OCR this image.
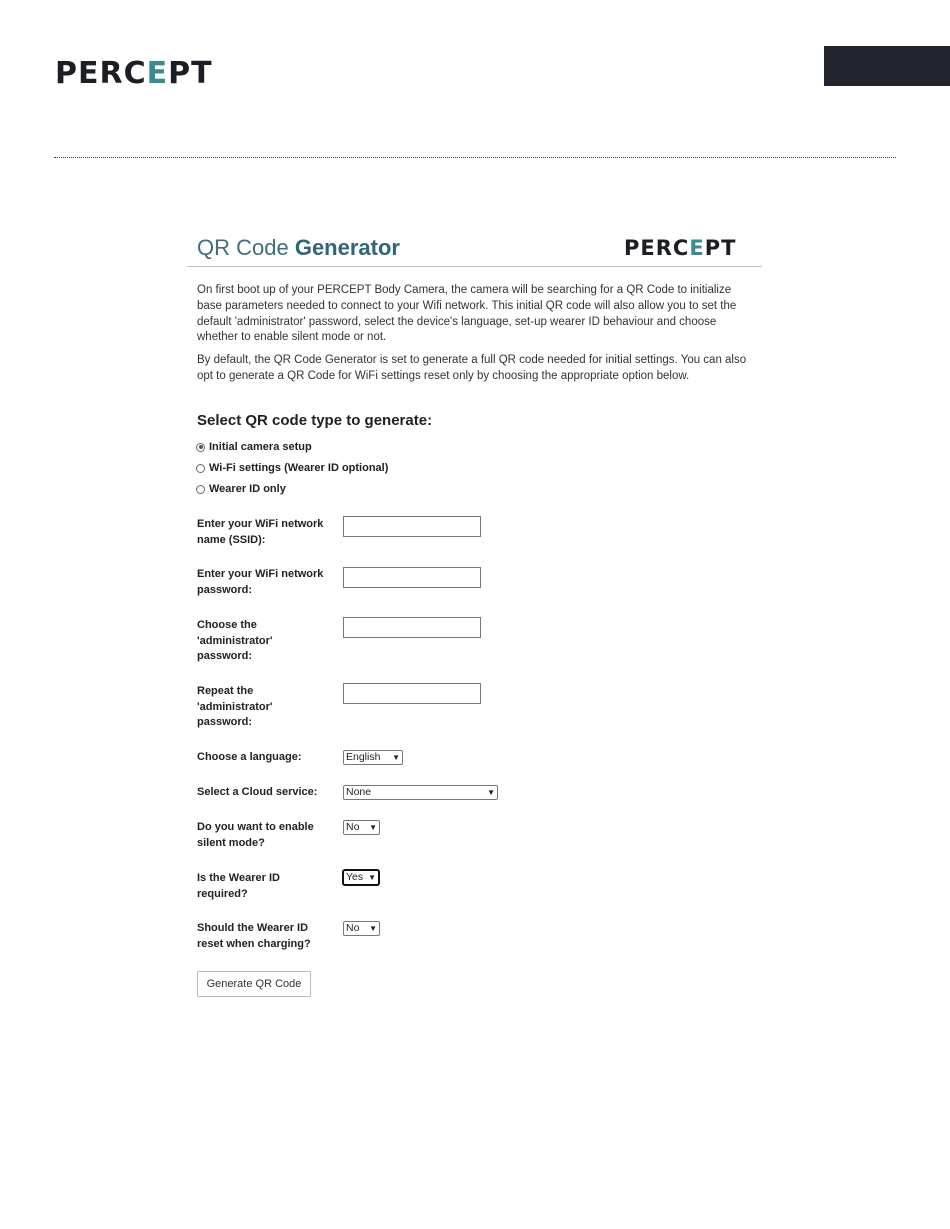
PERCEPT
QR Code Generator	PERCEPT

On first boot up of your PERCEPT Body Camera, the camera will be searching for a QR Code to initialize base parameters needed to connect to your Wifi network. This initial QR code will also allow you to set the default 'administrator' password, select the device's language, set-up wearer ID behaviour and choose whether to enable silent mode or not.

By default, the QR Code Generator is set to generate a full QR code needed for initial settings. You can also opt to generate a QR Code for WiFi settings reset only by choosing the appropriate option below.

Select QR code type to generate:
Initial camera setup
Wi-Fi settings (Wearer ID optional)
Wearer ID only
Enter your WiFi network name (SSID):
Enter your WiFi network password:
Choose the 'administrator' password:
Repeat the 'administrator' password:
Choose a language:	English ▼
Select a Cloud service:	None	▼
Do you want to enable silent mode?
No ▼
Is the Wearer ID required?
Yes ▼
Should the Wearer ID reset when charging?
No ▼
Generate QR Code
